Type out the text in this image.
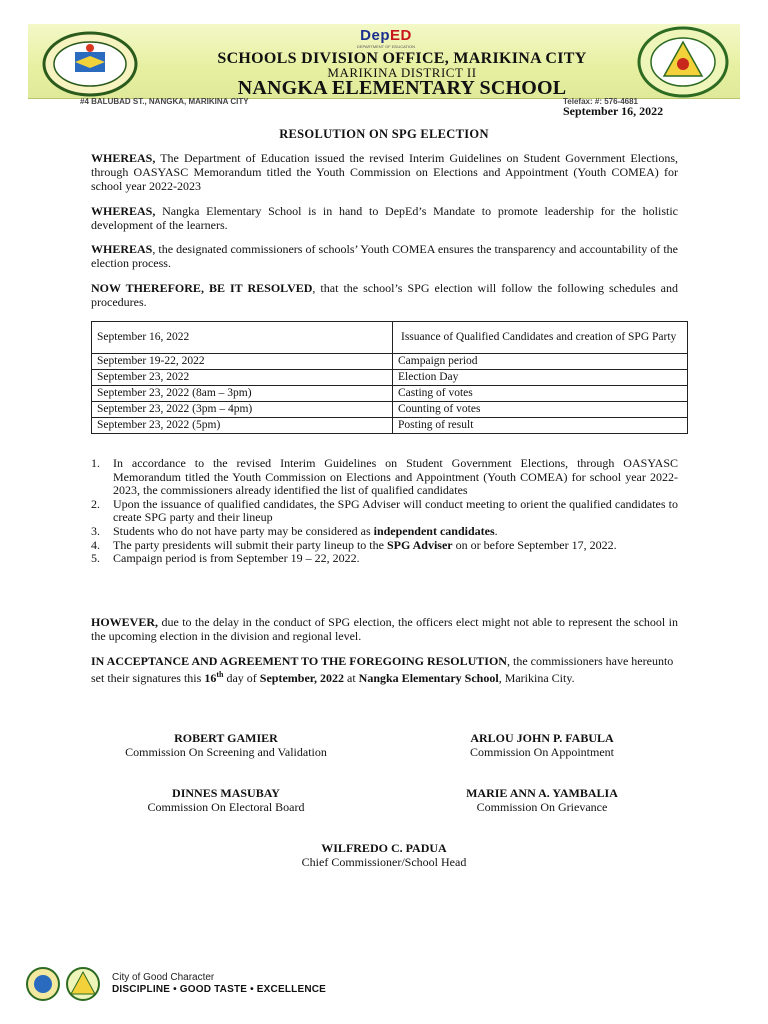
DepED
DEPARTMENT OF EDUCATION
SCHOOLS DIVISION OFFICE, MARIKINA CITY
MARIKINA DISTRICT II
NANGKA ELEMENTARY SCHOOL
#4 BALUBAD ST., NANGKA, MARIKINA CITY	Telefax: #: 576-4681
September 16, 2022
RESOLUTION ON SPG ELECTION

WHEREAS, The Department of Education issued the revised Interim Guidelines on Student Government Elections, through OASYASC Memorandum titled the Youth Commission on Elections and Appointment (Youth COMEA) for school year 2022-2023

WHEREAS, Nangka Elementary School is in hand to DepEd’s Mandate to promote leadership for the holistic development of the learners.

WHEREAS, the designated commissioners of schools’ Youth COMEA ensures the transparency and accountability of the election process.

NOW THEREFORE, BE IT RESOLVED, that the school’s SPG election will follow the following schedules and procedures.

September 16, 2022	Issuance of Qualified Candidates and creation of SPG Party
September 19-22, 2022	Campaign period
September 23, 2022	Election Day
September 23, 2022 (8am – 3pm)	Casting of votes
September 23, 2022 (3pm – 4pm)	Counting of votes
September 23, 2022 (5pm)	Posting of result
1. In accordance to the revised Interim Guidelines on Student Government Elections, through OASYASC Memorandum titled the Youth Commission on Elections and Appointment (Youth COMEA) for school year 2022-2023, the commissioners already identified the list of qualified candidates
2. Upon the issuance of qualified candidates, the SPG Adviser will conduct meeting to orient the qualified candidates to create SPG party and their lineup
3. Students who do not have party may be considered as independent candidates.
4. The party presidents will submit their party lineup to the SPG Adviser on or before September 17, 2022.
5. Campaign period is from September 19 – 22, 2022.

HOWEVER, due to the delay in the conduct of SPG election, the officers elect might not able to represent the school in the upcoming election in the division and regional level.

IN ACCEPTANCE AND AGREEMENT TO THE FOREGOING RESOLUTION, the commissioners have hereunto set their signatures this 16th day of September, 2022 at Nangka Elementary School, Marikina City.

ROBERT GAMIER
Commission On Screening and Validation
ARLOU JOHN P. FABULA
Commission On Appointment
DINNES MASUBAY
Commission On Electoral Board
MARIE ANN A. YAMBALIA
Commission On Grievance
WILFREDO C. PADUA
Chief Commissioner/School Head
City of Good Character
DISCIPLINE • GOOD TASTE • EXCELLENCE
